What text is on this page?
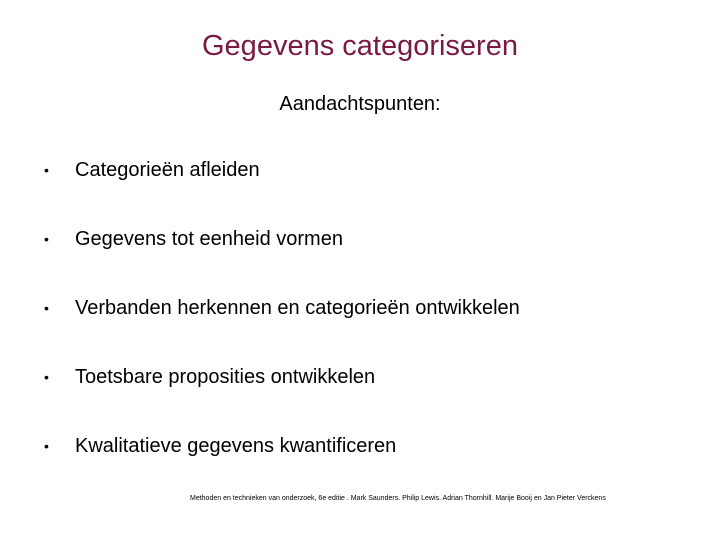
Gegevens categoriseren
Aandachtspunten:
•	Categorieën afleiden
•	Gegevens tot eenheid vormen
•	Verbanden herkennen en categorieën ontwikkelen
•	Toetsbare proposities ontwikkelen
•	Kwalitatieve gegevens kwantificeren
Methoden en technieken van onderzoek, 6e editie . Mark Saunders. Philip Lewis. Adrian Thornhill. Marije Booij en Jan Pieter Verckens
